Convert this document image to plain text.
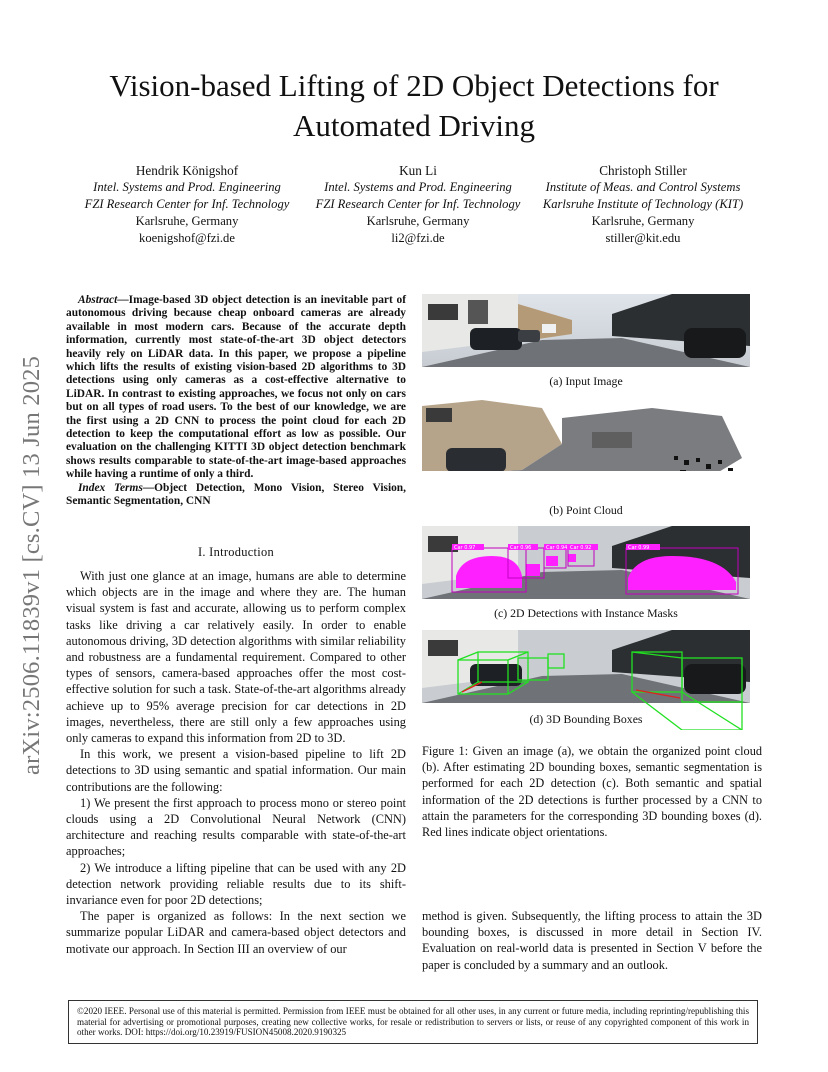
Vision-based Lifting of 2D Object Detections for Automated Driving
Hendrik Königshof
Intel. Systems and Prod. Engineering
FZI Research Center for Inf. Technology
Karlsruhe, Germany
koenigshof@fzi.de
Kun Li
Intel. Systems and Prod. Engineering
FZI Research Center for Inf. Technology
Karlsruhe, Germany
li2@fzi.de
Christoph Stiller
Institute of Meas. and Control Systems
Karlsruhe Institute of Technology (KIT)
Karlsruhe, Germany
stiller@kit.edu
arXiv:2506.11839v1 [cs.CV] 13 Jun 2025

Abstract—Image-based 3D object detection is an inevitable part of autonomous driving because cheap onboard cameras are already available in most modern cars. Because of the accurate depth information, currently most state-of-the-art 3D object detectors heavily rely on LiDAR data. In this paper, we propose a pipeline which lifts the results of existing vision-based 2D algorithms to 3D detections using only cameras as a cost-effective alternative to LiDAR. In contrast to existing approaches, we focus not only on cars but on all types of road users. To the best of our knowledge, we are the first using a 2D CNN to process the point cloud for each 2D detection to keep the computational effort as low as possible. Our evaluation on the challenging KITTI 3D object detection benchmark shows results comparable to state-of-the-art image-based approaches while having a runtime of only a third.

Index Terms—Object Detection, Mono Vision, Stereo Vision, Semantic Segmentation, CNN

I. Introduction

With just one glance at an image, humans are able to determine which objects are in the image and where they are. The human visual system is fast and accurate, allowing us to perform complex tasks like driving a car relatively easily. In order to enable autonomous driving, 3D detection algorithms with similar reliability and robustness are a fundamental requirement. Compared to other types of sensors, camera-based approaches offer the most cost-effective solution for such a task. State-of-the-art algorithms already achieve up to 95% average precision for car detections in 2D images, nevertheless, there are still only a few approaches using only cameras to expand this information from 2D to 3D.

In this work, we present a vision-based pipeline to lift 2D detections to 3D using semantic and spatial information. Our main contributions are the following:

1) We present the first approach to process mono or stereo point clouds using a 2D Convolutional Neural Network (CNN) architecture and reaching results comparable with state-of-the-art approaches;

2) We introduce a lifting pipeline that can be used with any 2D detection network providing reliable results due to its shift-invariance even for poor 2D detections;

The paper is organized as follows: In the next section we summarize popular LiDAR and camera-based object detectors and motivate our approach. In Section III an overview of our

(a) Input Image
(b) Point Cloud
Car 0.97	Car 0.96	Car 0.94 Car 0.92	Car 0.99
(c) 2D Detections with Instance Masks
(d) 3D Bounding Boxes
Figure 1: Given an image (a), we obtain the organized point cloud (b). After estimating 2D bounding boxes, semantic segmentation is performed for each 2D detection (c). Both semantic and spatial information of the 2D detections is further processed by a CNN to attain the parameters for the corresponding 3D bounding boxes (d). Red lines indicate object orientations.
method is given. Subsequently, the lifting process to attain the 3D bounding boxes, is discussed in more detail in Section IV. Evaluation on real-world data is presented in Section V before the paper is concluded by a summary and an outlook.
©2020 IEEE. Personal use of this material is permitted. Permission from IEEE must be obtained for all other uses, in any current or future media, including reprinting/republishing this material for advertising or promotional purposes, creating new collective works, for resale or redistribution to servers or lists, or reuse of any copyrighted component of this work in other works. DOI: https://doi.org/10.23919/FUSION45008.2020.9190325
